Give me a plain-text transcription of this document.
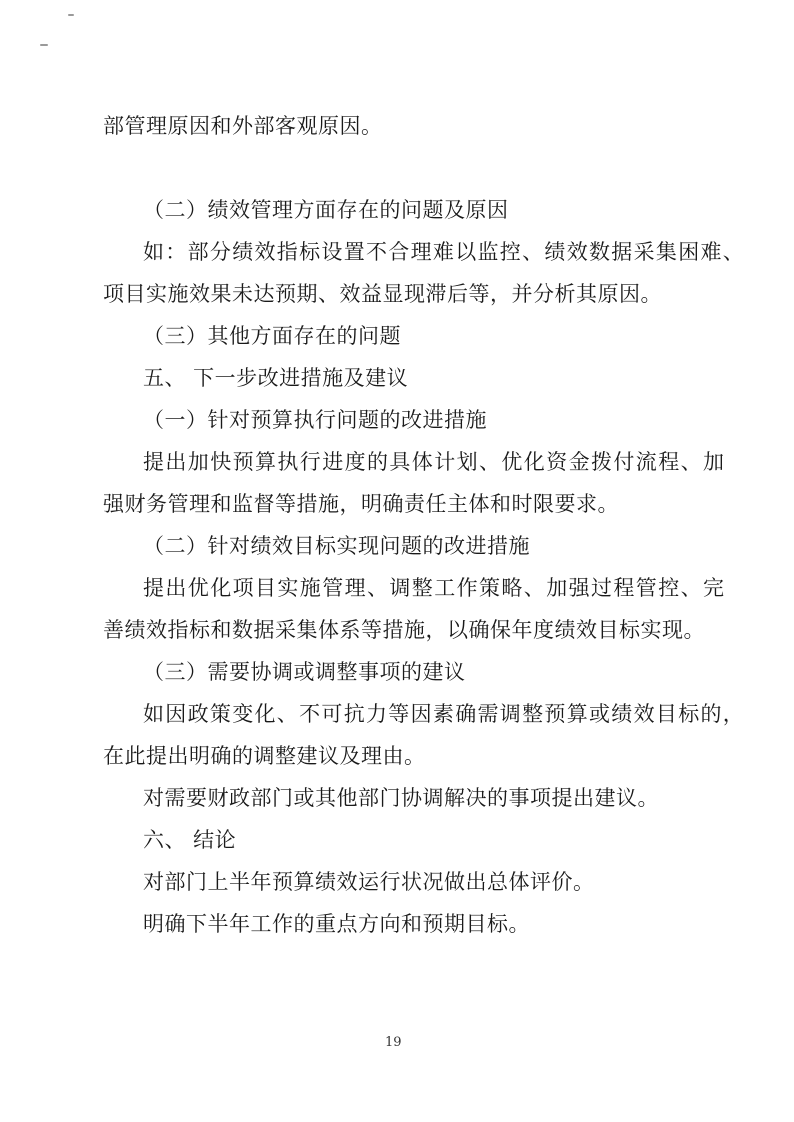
部管理原因和外部客观原因。
（二）绩效管理方面存在的问题及原因
如：部分绩效指标设置不合理难以监控、绩效数据采集困难、
项目实施效果未达预期、效益显现滞后等，并分析其原因。
（三）其他方面存在的问题
五、 下一步改进措施及建议
（一）针对预算执行问题的改进措施
提出加快预算执行进度的具体计划、优化资金拨付流程、加
强财务管理和监督等措施，明确责任主体和时限要求。
（二）针对绩效目标实现问题的改进措施
提出优化项目实施管理、调整工作策略、加强过程管控、完
善绩效指标和数据采集体系等措施，以确保年度绩效目标实现。
（三）需要协调或调整事项的建议
如因政策变化、不可抗力等因素确需调整预算或绩效目标的，
在此提出明确的调整建议及理由。
对需要财政部门或其他部门协调解决的事项提出建议。
六、 结论
对部门上半年预算绩效运行状况做出总体评价。
明确下半年工作的重点方向和预期目标。
19
